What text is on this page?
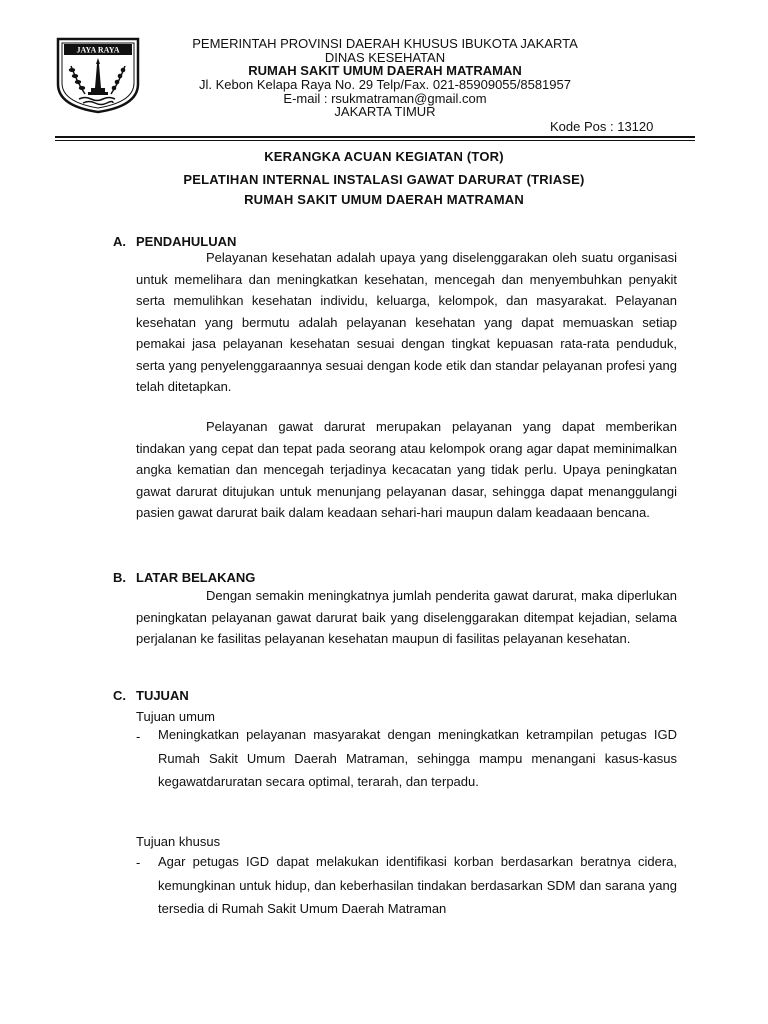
JAYA RAYA	PEMERINTAH PROVINSI DAERAH KHUSUS IBUKOTA JAKARTA
DINAS KESEHATAN
RUMAH SAKIT UMUM DAERAH MATRAMAN
Jl. Kebon Kelapa Raya No. 29 Telp/Fax. 021-85909055/8581957
E-mail : rsukmatraman@gmail.com
JAKARTA TIMUR
Kode Pos : 13120
KERANGKA ACUAN KEGIATAN (TOR)
PELATIHAN INTERNAL INSTALASI GAWAT DARURAT (TRIASE)
RUMAH SAKIT UMUM DAERAH MATRAMAN
A. PENDAHULUAN

Pelayanan kesehatan adalah upaya yang diselenggarakan oleh suatu organisasi untuk memelihara dan meningkatkan kesehatan, mencegah dan menyembuhkan penyakit serta memulihkan kesehatan individu, keluarga, kelompok, dan masyarakat. Pelayanan kesehatan yang bermutu adalah pelayanan kesehatan yang dapat memuaskan setiap pemakai jasa pelayanan kesehatan sesuai dengan tingkat kepuasan rata-rata penduduk, serta yang penyelenggaraannya sesuai dengan kode etik dan standar pelayanan profesi yang telah ditetapkan.

Pelayanan gawat darurat merupakan pelayanan yang dapat memberikan tindakan yang cepat dan tepat pada seorang atau kelompok orang agar dapat meminimalkan angka kematian dan mencegah terjadinya kecacatan yang tidak perlu. Upaya peningkatan gawat darurat ditujukan untuk menunjang pelayanan dasar, sehingga dapat menanggulangi pasien gawat darurat baik dalam keadaan sehari-hari maupun dalam keadaaan bencana.

B. LATAR BELAKANG

Dengan semakin meningkatnya jumlah penderita gawat darurat, maka diperlukan peningkatan pelayanan gawat darurat baik yang diselenggarakan ditempat kejadian, selama perjalanan ke fasilitas pelayanan kesehatan maupun di fasilitas pelayanan kesehatan.

C. TUJUAN
Tujuan umum
- Meningkatkan pelayanan masyarakat dengan meningkatkan ketrampilan petugas IGD Rumah Sakit Umum Daerah Matraman, sehingga mampu menangani kasus-kasus kegawatdaruratan secara optimal, terarah, dan terpadu.

Tujuan khusus
- Agar petugas IGD dapat melakukan identifikasi korban berdasarkan beratnya cidera, kemungkinan untuk hidup, dan keberhasilan tindakan berdasarkan SDM dan sarana yang tersedia di Rumah Sakit Umum Daerah Matraman
